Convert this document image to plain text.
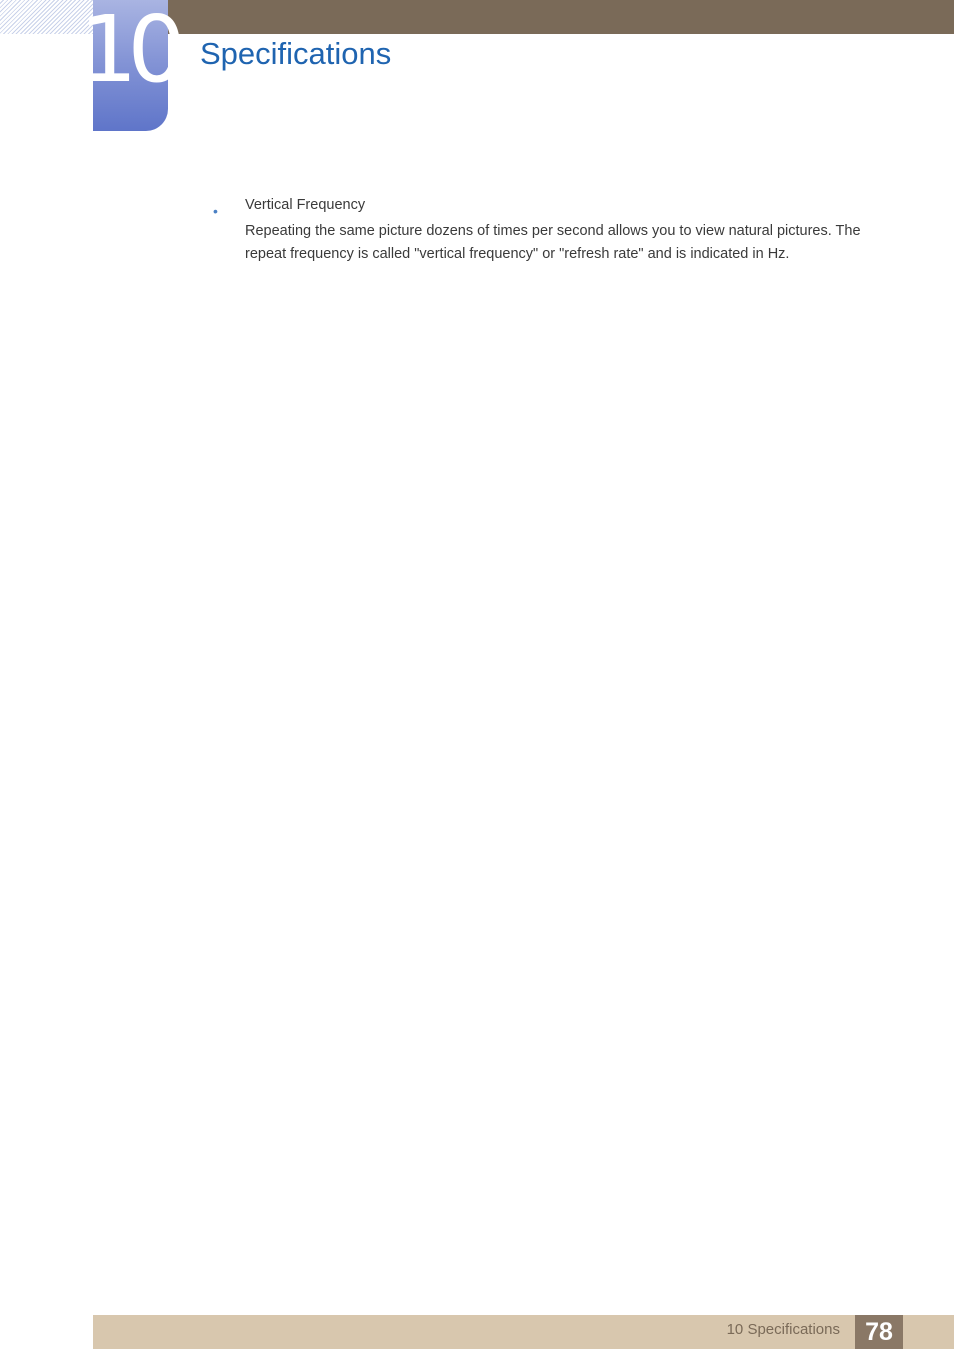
10 Specifications
• Vertical Frequency

Repeating the same picture dozens of times per second allows you to view natural pictures. The repeat frequency is called "vertical frequency" or "refresh rate" and is indicated in Hz.

10 Specifications	78
